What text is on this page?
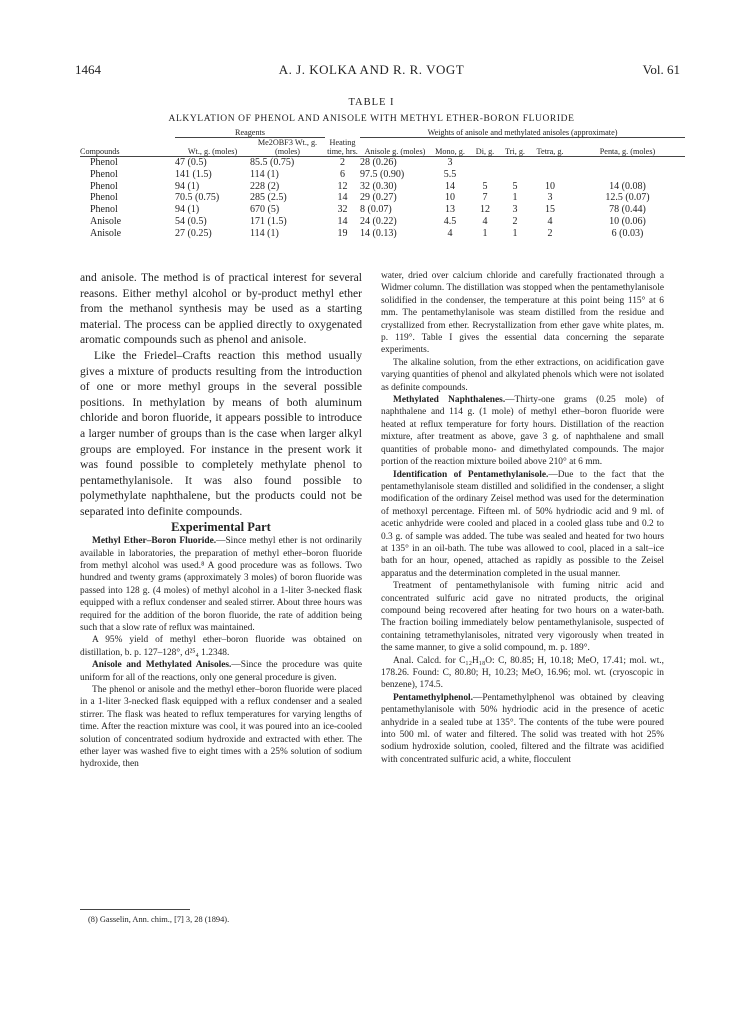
1464	A. J. KOLKA AND R. R. VOGT	Vol. 61
TABLE I
ALKYLATION OF PHENOL AND ANISOLE WITH METHYL ETHER-BORON FLUORIDE
	Reagents			Weights of anisole and methylated anisoles (approximate)					
Compounds	Wt., g. (moles)	Me2OBF3 Wt., g. (moles)	Heating time, hrs.	Anisole g. (moles)	Mono, g.	Di, g.	Tri, g.	Tetra, g.	Penta, g. (moles)
Phenol	47 (0.5)	85.5 (0.75)	2	28 (0.26)	3				
Phenol	141 (1.5)	114 (1)	6	97.5 (0.90)	5.5				
Phenol	94 (1)	228 (2)	12	32 (0.30)	14	5	5	10	14 (0.08)
Phenol	70.5 (0.75)	285 (2.5)	14	29 (0.27)	10	7	1	3	12.5 (0.07)
Phenol	94 (1)	670 (5)	32	8 (0.07)	13	12	3	15	78 (0.44)
Anisole	54 (0.5)	171 (1.5)	14	24 (0.22)	4.5	4	2	4	10 (0.06)
Anisole	27 (0.25)	114 (1)	19	14 (0.13)	4	1	1	2	6 (0.03)

and anisole. The method is of practical interest for several reasons. Either methyl alcohol or by-product methyl ether from the methanol synthesis may be used as a starting material. The process can be applied directly to oxygenated aromatic compounds such as phenol and anisole.

Like the Friedel–Crafts reaction this method usually gives a mixture of products resulting from the introduction of one or more methyl groups in the several possible positions. In methylation by means of both aluminum chloride and boron fluoride, it appears possible to introduce a larger number of groups than is the case when larger alkyl groups are employed. For instance in the present work it was found possible to completely methylate phenol to pentamethylanisole. It was also found possible to polymethylate naphthalene, but the products could not be separated into definite compounds.

Experimental Part

Methyl Ether–Boron Fluoride.—Since methyl ether is not ordinarily available in laboratories, the preparation of methyl ether–boron fluoride from methyl alcohol was used.⁸ A good procedure was as follows. Two hundred and twenty grams (approximately 3 moles) of boron fluoride was passed into 128 g. (4 moles) of methyl alcohol in a 1-liter 3-necked flask equipped with a reflux condenser and sealed stirrer. About three hours was required for the addition of the boron fluoride, the rate of addition being such that a slow rate of reflux was maintained.

A 95% yield of methyl ether–boron fluoride was obtained on distillation, b. p. 127–128°, d²⁵₄ 1.2348.

Anisole and Methylated Anisoles.—Since the procedure was quite uniform for all of the reactions, only one general procedure is given.

The phenol or anisole and the methyl ether–boron fluoride were placed in a 1-liter 3-necked flask equipped with a reflux condenser and a sealed stirrer. The flask was heated to reflux temperatures for varying lengths of time. After the reaction mixture was cool, it was poured into an ice-cooled solution of concentrated sodium hydroxide and extracted with ether. The ether layer was washed five to eight times with a 25% solution of sodium hydroxide, then

(8) Gasselin, Ann. chim., [7] 3, 28 (1894).

water, dried over calcium chloride and carefully fractionated through a Widmer column. The distillation was stopped when the pentamethylanisole solidified in the condenser, the temperature at this point being 115° at 6 mm. The pentamethylanisole was steam distilled from the residue and crystallized from ether. Recrystallization from ether gave white plates, m. p. 119°. Table I gives the essential data concerning the separate experiments.

The alkaline solution, from the ether extractions, on acidification gave varying quantities of phenol and alkylated phenols which were not isolated as definite compounds.

Methylated Naphthalenes.—Thirty-one grams (0.25 mole) of naphthalene and 114 g. (1 mole) of methyl ether–boron fluoride were heated at reflux temperature for forty hours. Distillation of the reaction mixture, after treatment as above, gave 3 g. of naphthalene and small quantities of probable mono- and dimethylated compounds. The major portion of the reaction mixture boiled above 210° at 6 mm.

Identification of Pentamethylanisole.—Due to the fact that the pentamethylanisole steam distilled and solidified in the condenser, a slight modification of the ordinary Zeisel method was used for the determination of methoxyl percentage. Fifteen ml. of 50% hydriodic acid and 9 ml. of acetic anhydride were cooled and placed in a cooled glass tube and 0.2 to 0.3 g. of sample was added. The tube was sealed and heated for two hours at 135° in an oil-bath. The tube was allowed to cool, placed in a salt–ice bath for an hour, opened, attached as rapidly as possible to the Zeisel apparatus and the determination completed in the usual manner.

Treatment of pentamethylanisole with fuming nitric acid and concentrated sulfuric acid gave no nitrated products, the original compound being recovered after heating for two hours on a water-bath. The fraction boiling immediately below pentamethylanisole, suspected of containing tetramethylanisoles, nitrated very vigorously when treated in the same manner, to give a solid compound, m. p. 189°.

Anal. Calcd. for C₁₂H₁₈O: C, 80.85; H, 10.18; MeO, 17.41; mol. wt., 178.26. Found: C, 80.80; H, 10.23; MeO, 16.96; mol. wt. (cryoscopic in benzene), 174.5.

Pentamethylphenol.—Pentamethylphenol was obtained by cleaving pentamethylanisole with 50% hydriodic acid in the presence of acetic anhydride in a sealed tube at 135°. The contents of the tube were poured into 500 ml. of water and filtered. The solid was treated with hot 25% sodium hydroxide solution, cooled, filtered and the filtrate was acidified with concentrated sulfuric acid, a white, flocculent
